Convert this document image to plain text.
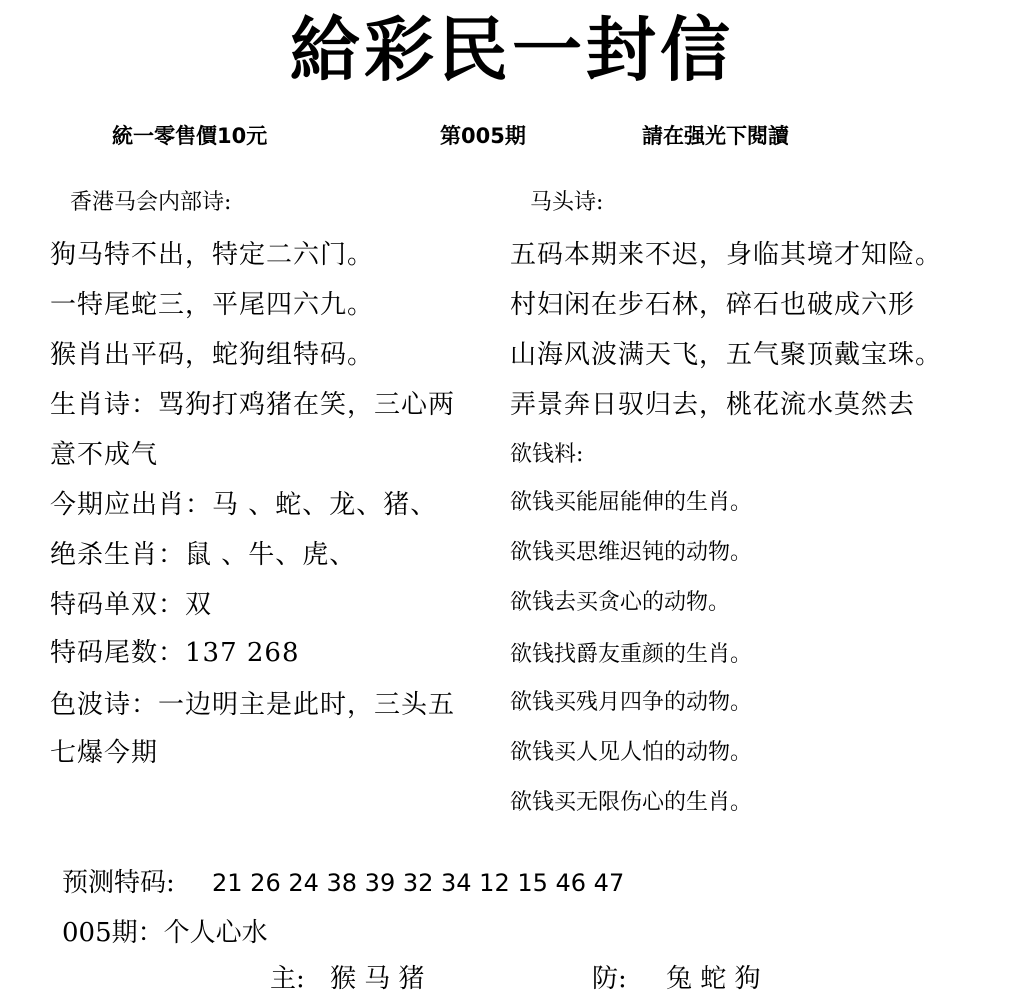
給彩民一封信
統一零售價10元	第005期	請在强光下閱讀
香港马会内部诗:
狗马特不出，特定二六门。
一特尾蛇三，平尾四六九。
猴肖出平码，蛇狗组特码。
生肖诗：骂狗打鸡猪在笑，三心两
意不成气
今期应出肖：马 、蛇、龙、猪、
绝杀生肖：鼠 、牛、虎、
特码单双：双
特码尾数：137 268
色波诗：一边明主是此时，三头五
七爆今期
马头诗:
五码本期来不迟，身临其境才知险。
村妇闲在步石林，碎石也破成六形
山海风波满天飞，五气聚顶戴宝珠。
弄景奔日驭归去，桃花流水莫然去
欲钱料:
欲钱买能屈能伸的生肖。
欲钱买思维迟钝的动物。
欲钱去买贪心的动物。
欲钱找爵友重颜的生肖。
欲钱买残月四争的动物。
欲钱买人见人怕的动物。
欲钱买无限伤心的生肖。
预测特码: 21 26 24 38 39 32 34 12 15 46 47
005期：个人心水
主: 猴 马 猪	防: 兔 蛇 狗
